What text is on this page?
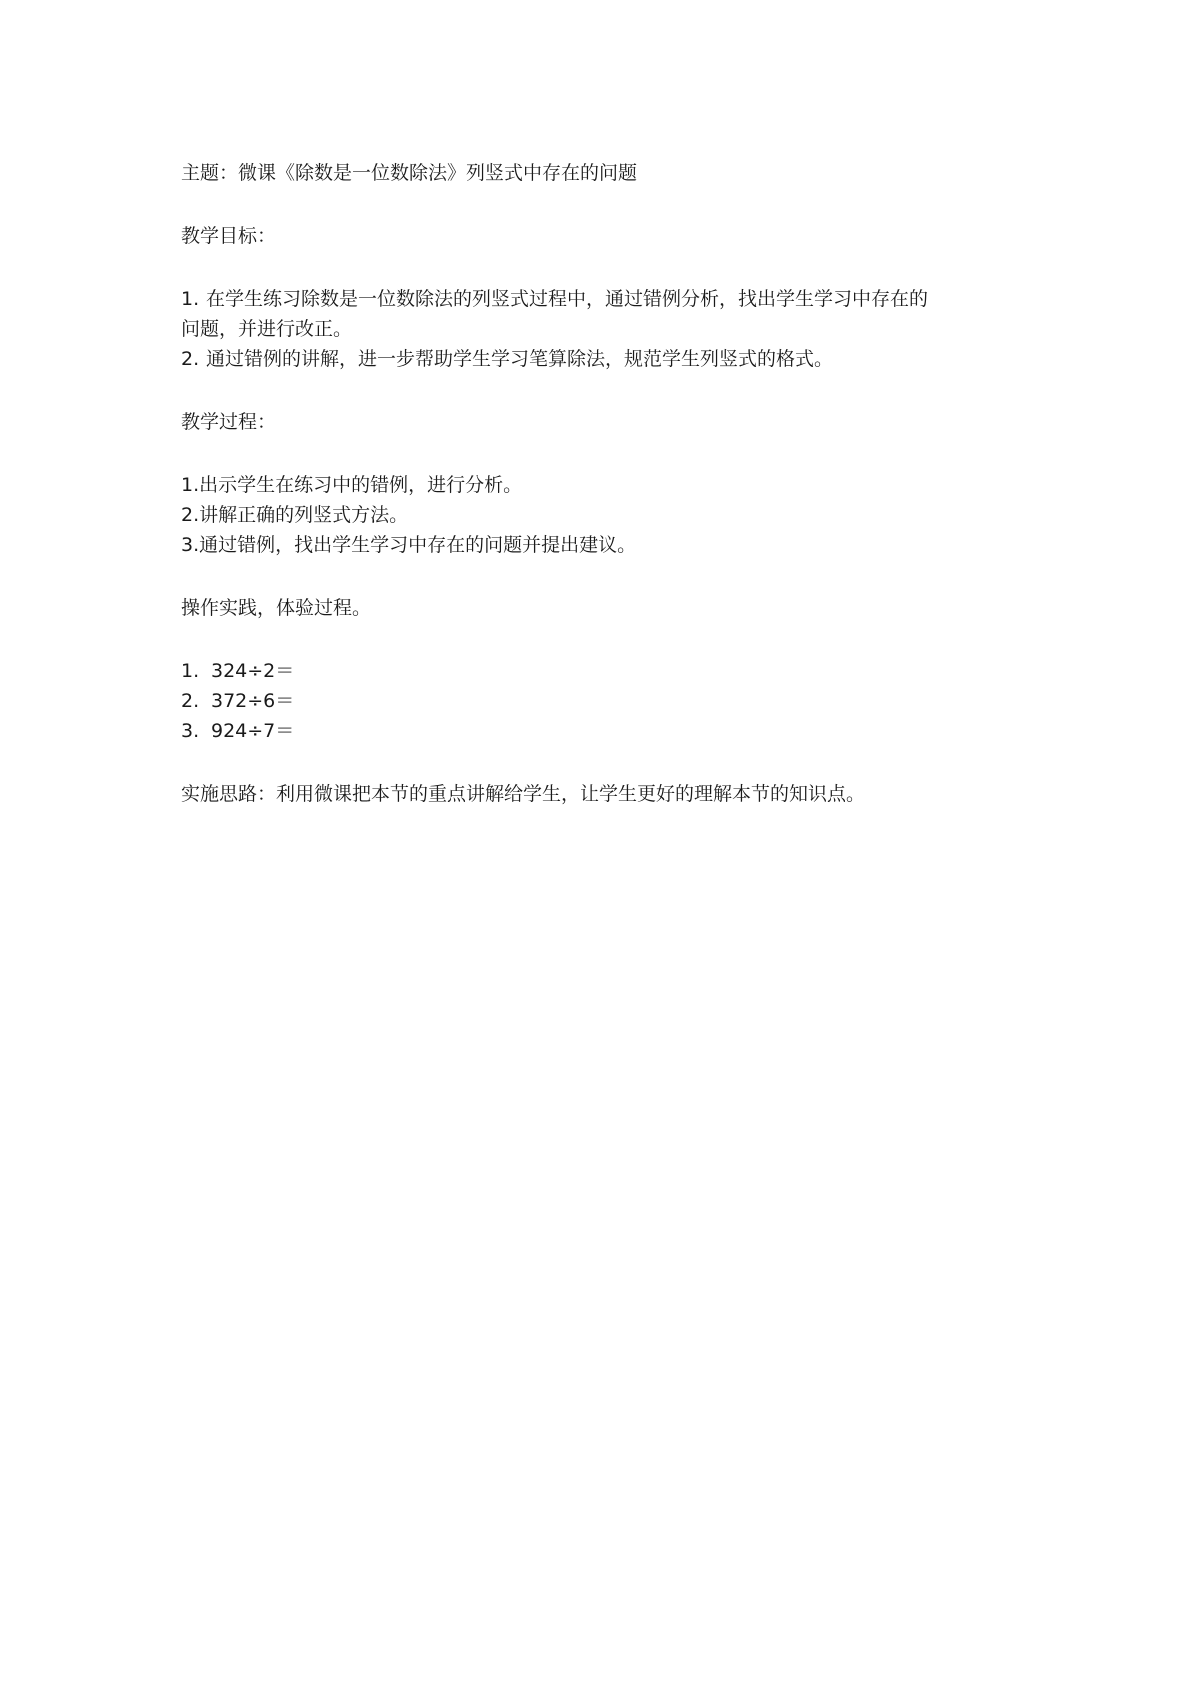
主题：微课《除数是一位数除法》列竖式中存在的问题
教学目标：
1. 在学生练习除数是一位数除法的列竖式过程中，通过错例分析，找出学生学习中存在的
问题，并进行改正。
2. 通过错例的讲解，进一步帮助学生学习笔算除法，规范学生列竖式的格式。
教学过程：
1.出示学生在练习中的错例，进行分析。
2.讲解正确的列竖式方法。
3.通过错例，找出学生学习中存在的问题并提出建议。
操作实践，体验过程。
1. 324÷2＝
2. 372÷6＝
3. 924÷7＝
实施思路：利用微课把本节的重点讲解给学生，让学生更好的理解本节的知识点。
